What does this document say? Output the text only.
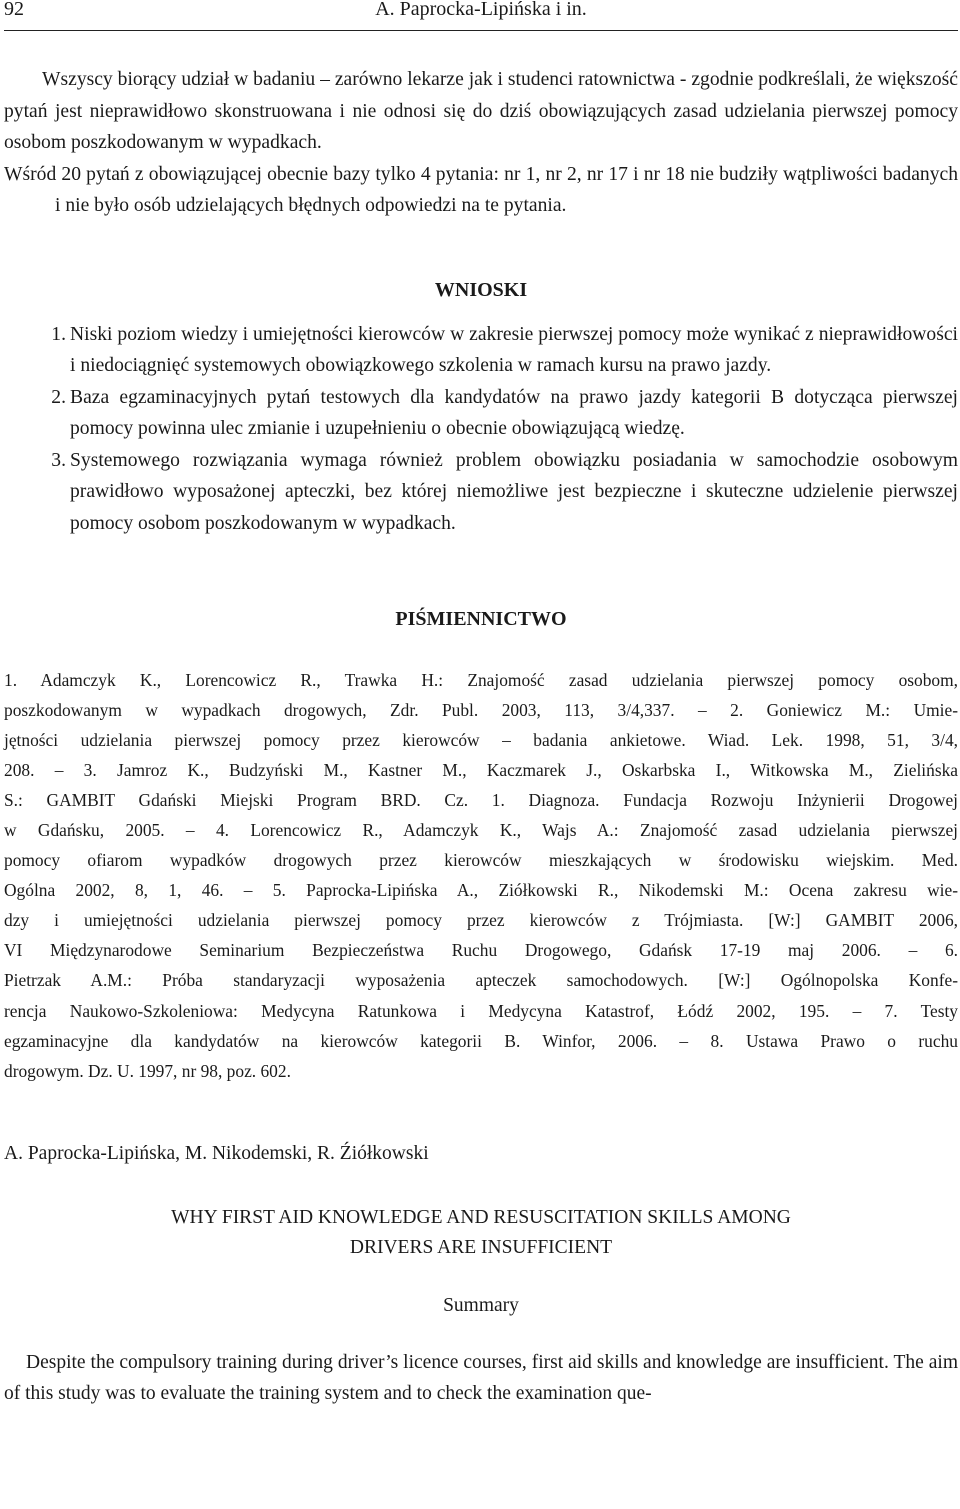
92	A. Paprocka-Lipińska i in.

Wszyscy biorący udział w badaniu – zarówno lekarze jak i studenci ratownictwa - zgodnie podkreślali, że większość pytań jest nieprawidłowo skonstruowana i nie odnosi się do dziś obowiązujących zasad udzielania pierwszej pomocy osobom poszkodowanym w wypadkach.

Wśród 20 pytań z obowiązującej obecnie bazy tylko 4 pytania: nr 1, nr 2, nr 17 i nr 18 nie budziły wątpliwości badanych i nie było osób udzielających błędnych odpowiedzi na te pytania.

WNIOSKI
1. Niski poziom wiedzy i umiejętności kierowców w zakresie pierwszej pomocy może wynikać z nieprawidłowości i niedociągnięć systemowych obowiązkowego szkolenia w ramach kursu na prawo jazdy.
2. Baza egzaminacyjnych pytań testowych dla kandydatów na prawo jazdy kategorii B dotycząca pierwszej pomocy powinna ulec zmianie i uzupełnieniu o obecnie obowiązującą wiedzę.
3. Systemowego rozwiązania wymaga również problem obowiązku posiadania w samochodzie osobowym prawidłowo wyposażonej apteczki, bez której niemożliwe jest bezpieczne i skuteczne udzielenie pierwszej pomocy osobom poszkodowanym w wypadkach.
PIŚMIENNICTWO
1. Adamczyk K., Lorencowicz R., Trawka H.: Znajomość zasad udzielania pierwszej pomocy osobom,
poszkodowanym w wypadkach drogowych, Zdr. Publ. 2003, 113, 3/4,337. – 2. Goniewicz M.: Umie-
jętności udzielania pierwszej pomocy przez kierowców – badania ankietowe. Wiad. Lek. 1998, 51, 3/4,
208. – 3. Jamroz K., Budzyński M., Kastner M., Kaczmarek J., Oskarbska I., Witkowska M., Zielińska
S.: GAMBIT Gdański Miejski Program BRD. Cz. 1. Diagnoza. Fundacja Rozwoju Inżynierii Drogowej
w Gdańsku, 2005. – 4. Lorencowicz R., Adamczyk K., Wajs A.: Znajomość zasad udzielania pierwszej
pomocy ofiarom wypadków drogowych przez kierowców mieszkających w środowisku wiejskim. Med.
Ogólna 2002, 8, 1, 46. – 5. Paprocka-Lipińska A., Ziółkowski R., Nikodemski M.: Ocena zakresu wie-
dzy i umiejętności udzielania pierwszej pomocy przez kierowców z Trójmiasta. [W:] GAMBIT 2006,
VI Międzynarodowe Seminarium Bezpieczeństwa Ruchu Drogowego, Gdańsk 17-19 maj 2006. – 6.
Pietrzak A.M.: Próba standaryzacji wyposażenia apteczek samochodowych. [W:] Ogólnopolska Konfe-
rencja Naukowo-Szkoleniowa: Medycyna Ratunkowa i Medycyna Katastrof, Łódź 2002, 195. – 7. Testy
egzaminacyjne dla kandydatów na kierowców kategorii B. Winfor, 2006. – 8. Ustawa Prawo o ruchu
drogowym. Dz. U. 1997, nr 98, poz. 602.
A. Paprocka-Lipińska, M. Nikodemski, R. Źiółkowski
WHY FIRST AID KNOWLEDGE AND RESUSCITATION SKILLS AMONG
DRIVERS ARE INSUFFICIENT
Summary

Despite the compulsory training during driver’s licence courses, first aid skills and knowledge are insufficient. The aim of this study was to evaluate the training system and to check the examination que-
